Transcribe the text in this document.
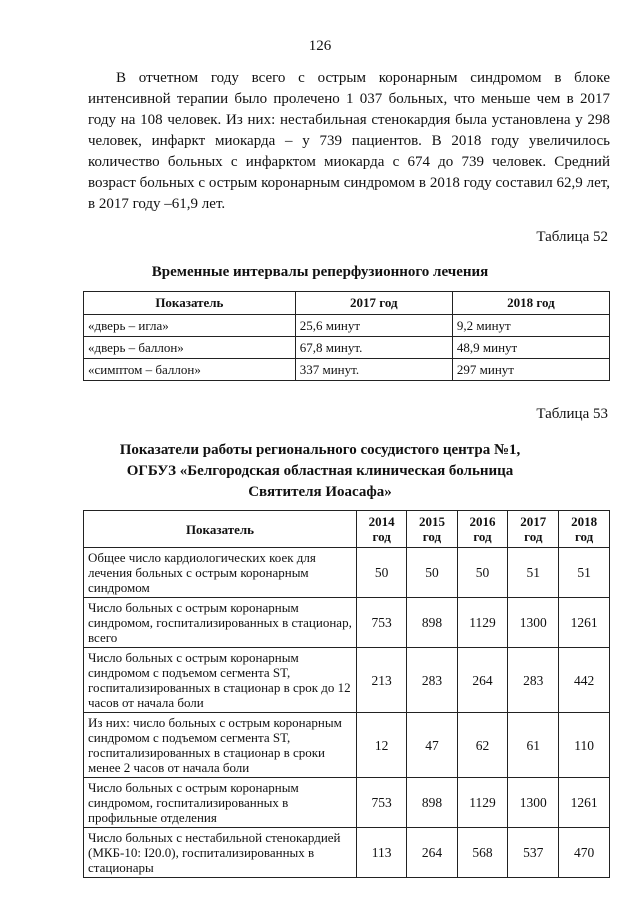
126

В отчетном году всего с острым коронарным синдромом в блоке интенсивной терапии было пролечено 1 037 больных, что меньше чем в 2017 году на 108 человек. Из них: нестабильная стенокардия была установлена у 298 человек, инфаркт миокарда – у 739 пациентов. В 2018 году увеличилось количество больных с инфарктом миокарда с 674 до 739 человек. Средний возраст больных с острым коронарным синдромом в 2018 году составил 62,9 лет, в 2017 году –61,9 лет.

Таблица 52
Временные интервалы реперфузионного лечения
Показатель	2017 год	2018 год
«дверь – игла»	25,6 минут	9,2 минут
«дверь – баллон»	67,8 минут.	48,9 минут
«симптом – баллон»	337 минут.	297 минут
Таблица 53
Показатели работы регионального сосудистого центра №1,
ОГБУЗ «Белгородская областная клиническая больница
Святителя Иоасафа»
Показатель	2014 год	2015 год	2016 год	2017 год	2018 год
Общее число кардиологических коек для лечения больных с острым коронарным синдромом	50	50	50	51	51
Число больных с острым коронарным синдромом, госпитализированных в стационар, всего	753	898	1129	1300	1261
Число больных с острым коронарным синдромом с подъемом сегмента ST, госпитализированных в стационар в срок до 12 часов от начала боли	213	283	264	283	442
Из них: число больных с острым коронарным синдромом с подъемом сегмента ST, госпитализированных в стационар в сроки менее 2 часов от начала боли	12	47	62	61	110
Число больных с острым коронарным синдромом, госпитализированных в профильные отделения	753	898	1129	1300	1261
Число больных с нестабильной стенокардией (МКБ-10: I20.0), госпитализированных в стационары	113	264	568	537	470
